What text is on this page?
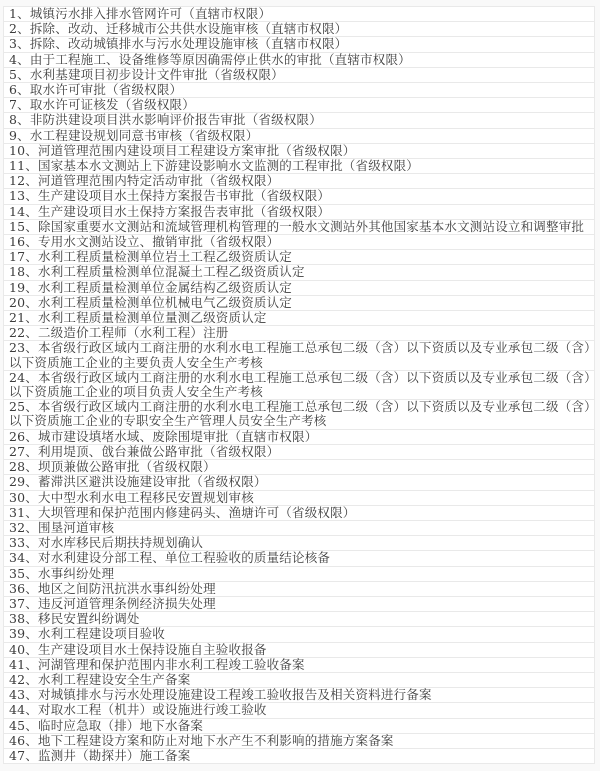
1、城镇污水排入排水管网许可（直辖市权限）
2、拆除、改动、迁移城市公共供水设施审核（直辖市权限）
3、拆除、改动城镇排水与污水处理设施审核（直辖市权限）
4、由于工程施工、设备维修等原因确需停止供水的审批（直辖市权限）
5、水利基建项目初步设计文件审批（省级权限）
6、取水许可审批（省级权限）
7、取水许可证核发（省级权限）
8、非防洪建设项目洪水影响评价报告审批（省级权限）
9、水工程建设规划同意书审核（省级权限）
10、河道管理范围内建设项目工程建设方案审批（省级权限）
11、国家基本水文测站上下游建设影响水文监测的工程审批（省级权限）
12、河道管理范围内特定活动审批（省级权限）
13、生产建设项目水土保持方案报告书审批（省级权限）
14、生产建设项目水土保持方案报告表审批（省级权限）
15、除国家重要水文测站和流域管理机构管理的一般水文测站外其他国家基本水文测站设立和调整审批
16、专用水文测站设立、撤销审批（省级权限）
17、水利工程质量检测单位岩土工程乙级资质认定
18、水利工程质量检测单位混凝土工程乙级资质认定
19、水利工程质量检测单位金属结构乙级资质认定
20、水利工程质量检测单位机械电气乙级资质认定
21、水利工程质量检测单位量测乙级资质认定
22、二级造价工程师（水利工程）注册
23、本省级行政区域内工商注册的水利水电工程施工总承包二级（含）以下资质以及专业承包二级（含）以下资质施工企业的主要负责人安全生产考核
24、本省级行政区域内工商注册的水利水电工程施工总承包二级（含）以下资质以及专业承包二级（含）以下资质施工企业的项目负责人安全生产考核
25、本省级行政区域内工商注册的水利水电工程施工总承包二级（含）以下资质以及专业承包二级（含）以下资质施工企业的专职安全生产管理人员安全生产考核
26、城市建设填堵水域、废除围堤审批（直辖市权限）
27、利用堤顶、戗台兼做公路审批（省级权限）
28、坝顶兼做公路审批（省级权限）
29、蓄滞洪区避洪设施建设审批（省级权限）
30、大中型水利水电工程移民安置规划审核
31、大坝管理和保护范围内修建码头、渔塘许可（省级权限）
32、围垦河道审核
33、对水库移民后期扶持规划确认
34、对水利建设分部工程、单位工程验收的质量结论核备
35、水事纠纷处理
36、地区之间防汛抗洪水事纠纷处理
37、违反河道管理条例经济损失处理
38、移民安置纠纷调处
39、水利工程建设项目验收
40、生产建设项目水土保持设施自主验收报备
41、河湖管理和保护范围内非水利工程竣工验收备案
42、水利工程建设安全生产备案
43、对城镇排水与污水处理设施建设工程竣工验收报告及相关资料进行备案
44、对取水工程（机井）或设施进行竣工验收
45、临时应急取（排）地下水备案
46、地下工程建设方案和防止对地下水产生不利影响的措施方案备案
47、监测井（勘探井）施工备案
